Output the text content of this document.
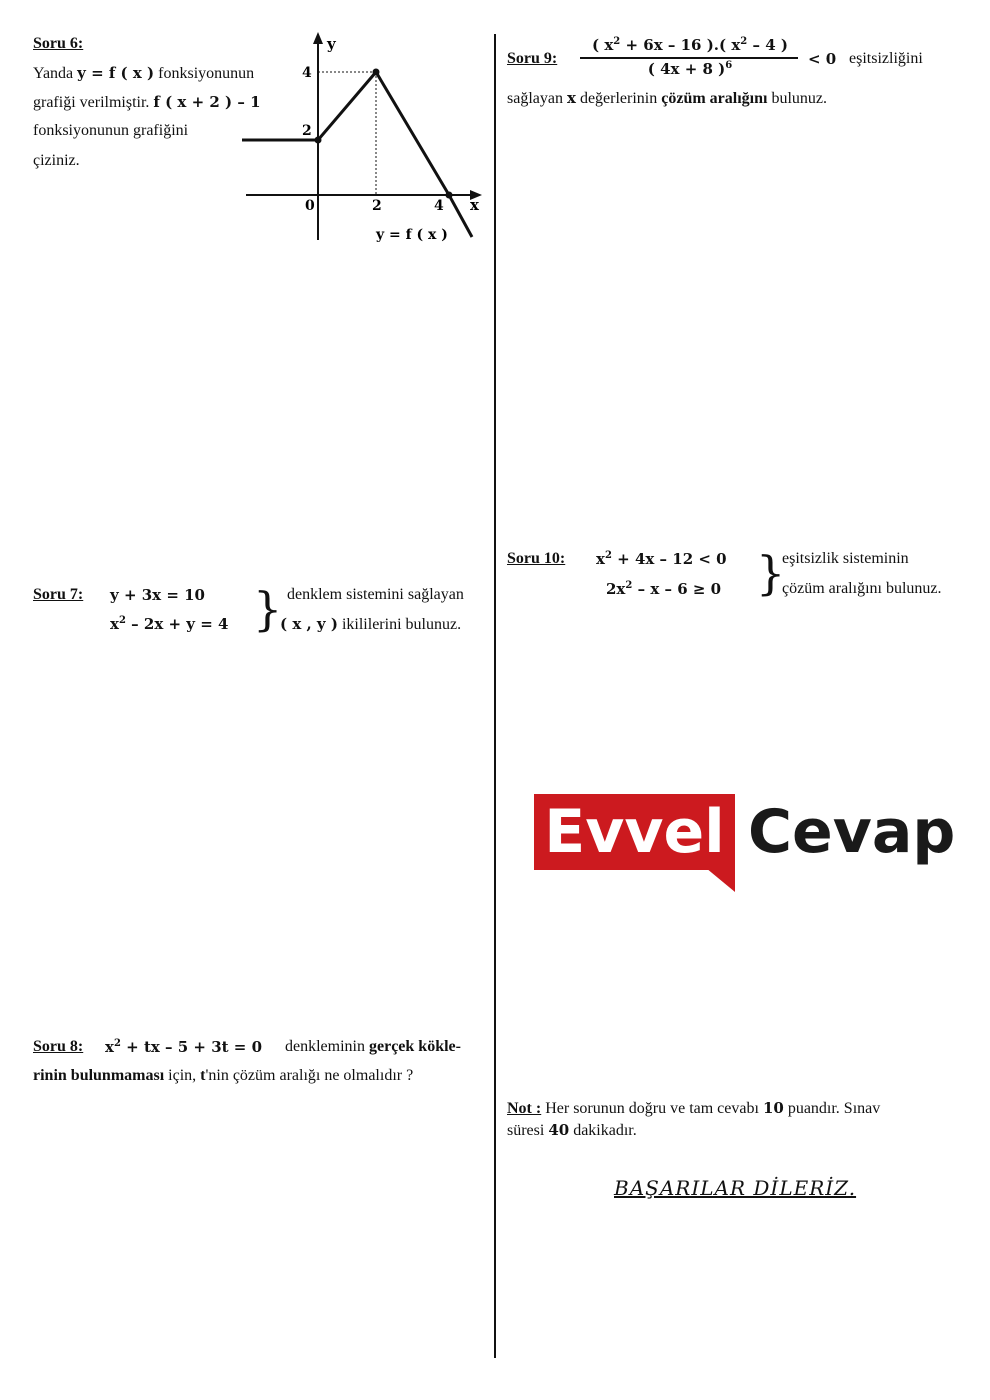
Soru 6:
Yanda y = f ( x ) fonksiyonunun
grafiği verilmiştir. f ( x + 2 ) – 1
fonksiyonunun grafiğini
çiziniz.
y
x
4
2
0	2	4
y = f ( x )
Soru 9:
( $x^2 + 6x - 16$ ).( $x^2 - 4$ )
( 4x + 8 )$^6$	< 0 eşitsizliğini
sağlayan x değerlerinin çözüm aralığını bulunuz.
Soru 10: $x^2 + 4x - 12 < 0$
$2x^2 - x - 6 \ge 0$ }
eşitsizlik sisteminin
çözüm aralığını bulunuz.
Soru 7: y + 3x = 10
$x^2 - 2x + y = 4$ } denklem sistemini sağlayan
( x , y ) ikililerini bulunuz.
Evvel Cevap
Soru 8: $x^2$ + tx – 5 + 3t = 0 denkleminin gerçek kökle-
rinin bulunmaması için, t'nin çözüm aralığı ne olmalıdır ?
Not : Her sorunun doğru ve tam cevabı 10 puandır. Sınav
süresi 40 dakikadır.
BAŞARILAR DİLERİZ.
